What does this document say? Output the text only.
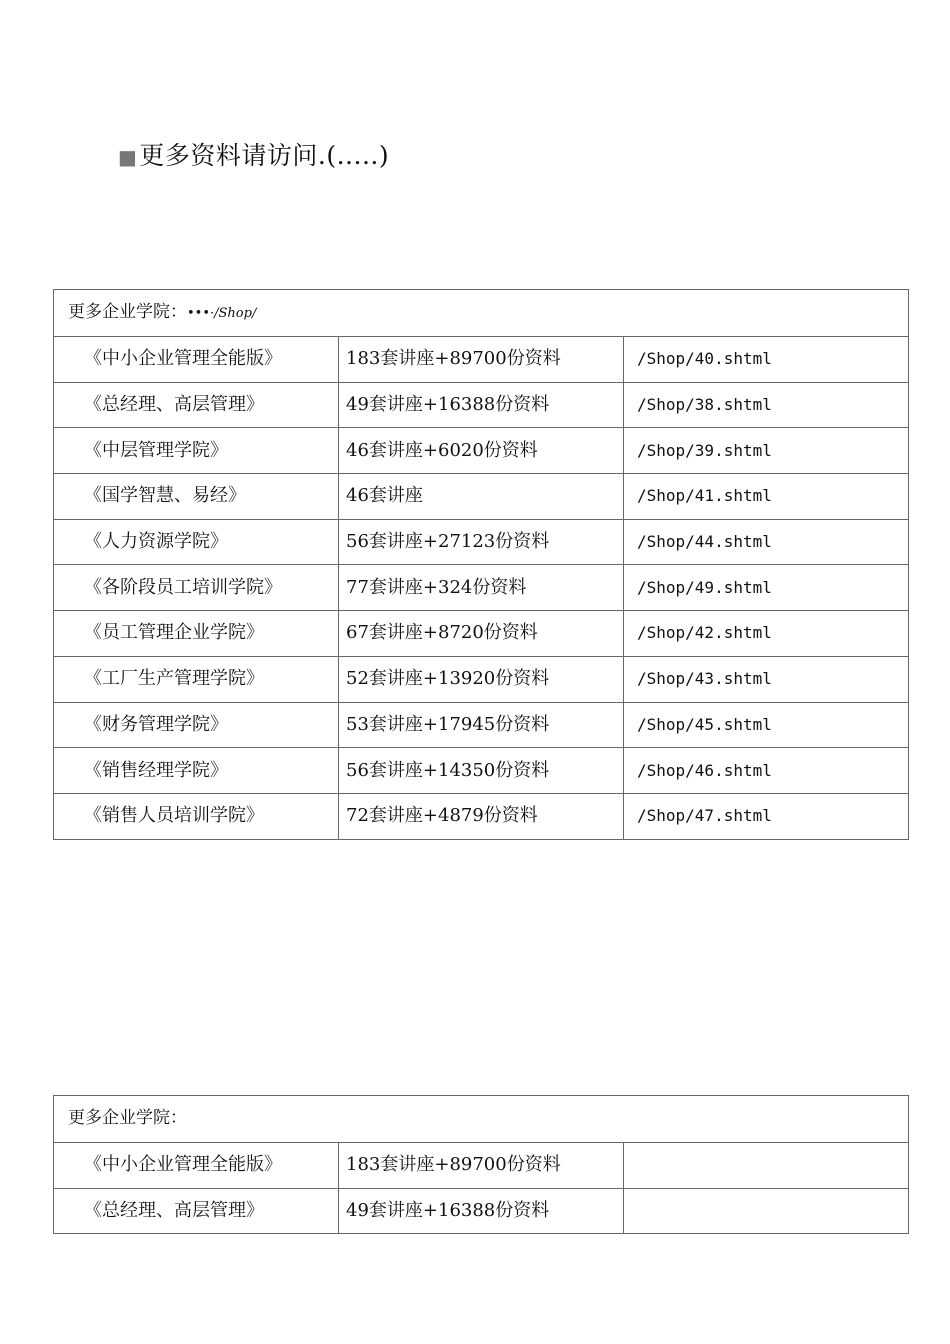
■更多资料请访问.(.....)
更多企业学院：•••·/Shop/		
《中小企业管理全能版》	183套讲座+89700份资料	/Shop/40.shtml
《总经理、高层管理》	49套讲座+16388份资料	/Shop/38.shtml
《中层管理学院》	46套讲座+6020份资料	/Shop/39.shtml
《国学智慧、易经》	46套讲座	/Shop/41.shtml
《人力资源学院》	56套讲座+27123份资料	/Shop/44.shtml
《各阶段员工培训学院》	77套讲座+324份资料	/Shop/49.shtml
《员工管理企业学院》	67套讲座+8720份资料	/Shop/42.shtml
《工厂生产管理学院》	52套讲座+13920份资料	/Shop/43.shtml
《财务管理学院》	53套讲座+17945份资料	/Shop/45.shtml
《销售经理学院》	56套讲座+14350份资料	/Shop/46.shtml
《销售人员培训学院》	72套讲座+4879份资料	/Shop/47.shtml
更多企业学院：		
《中小企业管理全能版》	183套讲座+89700份资料	
《总经理、高层管理》	49套讲座+16388份资料	
